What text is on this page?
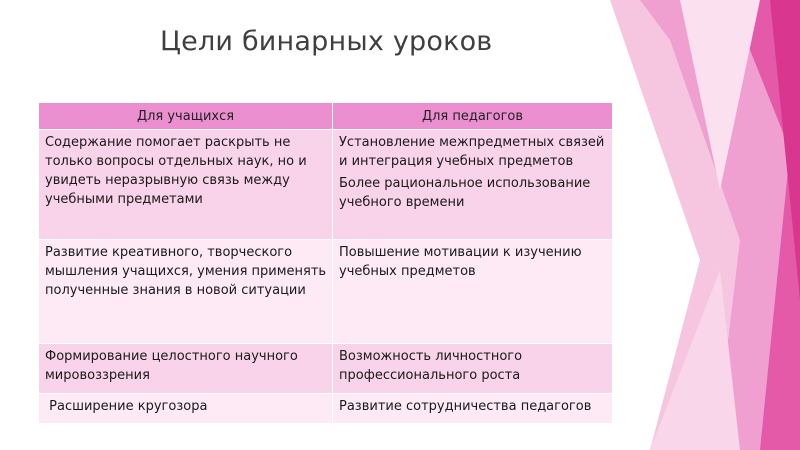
Цели бинарных уроков
Для учащихся	Для педагогов
Содержание помогает раскрыть не только вопросы отдельных наук, но и увидеть неразрывную связь между учебными предметами	Установление межпредметных связей и интеграция учебных предметов

Более рациональное использование учебного времени

Развитие креативного, творческого мышления учащихся, умения применять полученные знания в новой ситуации	Повышение мотивации к изучению учебных предметов

Формирование целостного научного мировоззрения	Возможность личностного профессионального роста

Расширение кругозора	Развитие сотрудничества педагогов
